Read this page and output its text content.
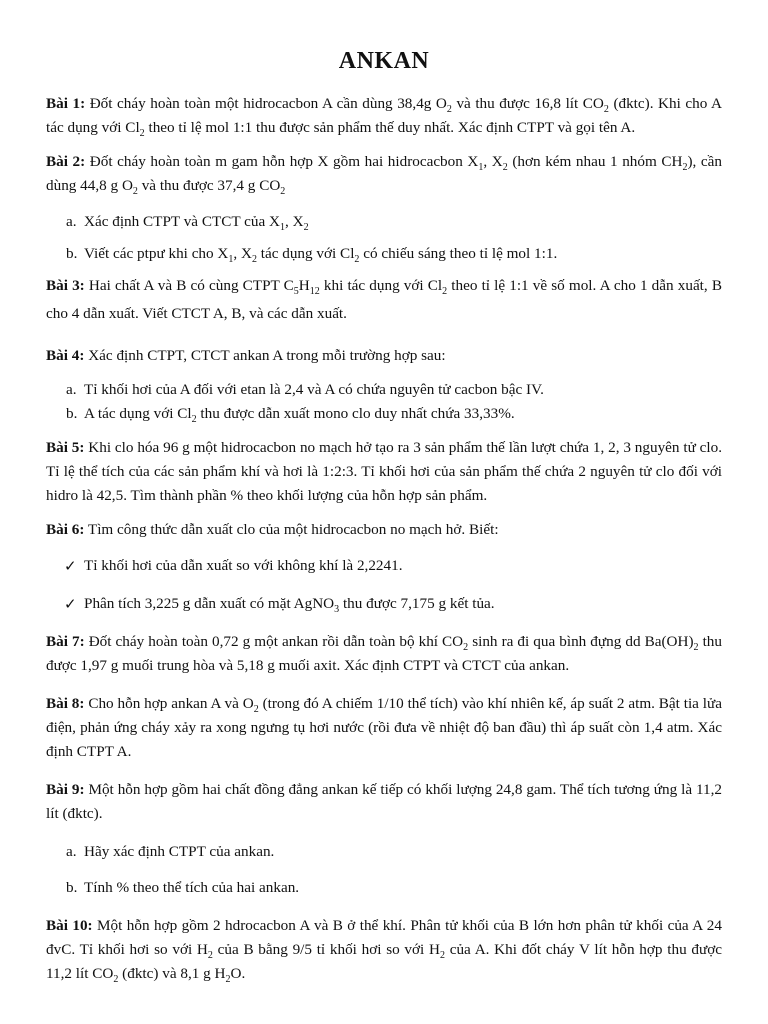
ANKAN

Bài 1: Đốt cháy hoàn toàn một hidrocacbon A cần dùng 38,4g $O_2$ và thu được 16,8 lít $CO_2$ (đktc). Khi cho A tác dụng với $Cl_2$ theo tỉ lệ mol 1:1 thu được sản phẩm thế duy nhất. Xác định CTPT và gọi tên A.

Bài 2: Đốt cháy hoàn toàn m gam hỗn hợp X gồm hai hidrocacbon $X_1$, $X_2$ (hơn kém nhau 1 nhóm $CH_2$), cần dùng 44,8 g $O_2$ và thu được 37,4 g $CO_2$

a. Xác định CTPT và CTCT của $X_1$, $X_2$

b. Viết các ptpư khi cho $X_1$, $X_2$ tác dụng với $Cl_2$ có chiếu sáng theo tỉ lệ mol 1:1.

Bài 3: Hai chất A và B có cùng CTPT $C_5H_{12}$ khi tác dụng với $Cl_2$ theo tỉ lệ 1:1 về số mol. A cho 1 dẫn xuất, B cho 4 dẫn xuất. Viết CTCT A, B, và các dẫn xuất.

Bài 4: Xác định CTPT, CTCT ankan A trong mỗi trường hợp sau:

a. Tỉ khối hơi của A đối với etan là 2,4 và A có chứa nguyên tử cacbon bậc IV.

b. A tác dụng với $Cl_2$ thu được dẫn xuất mono clo duy nhất chứa 33,33%.

Bài 5: Khi clo hóa 96 g một hidrocacbon no mạch hở tạo ra 3 sản phẩm thế lần lượt chứa 1, 2, 3 nguyên tử clo. Tỉ lệ thể tích của các sản phẩm khí và hơi là 1:2:3. Tỉ khối hơi của sản phẩm thế chứa 2 nguyên tử clo đối với hidro là 42,5. Tìm thành phần % theo khối lượng của hỗn hợp sản phẩm.

Bài 6: Tìm công thức dẫn xuất clo của một hidrocacbon no mạch hở. Biết:

✓ Tỉ khối hơi của dẫn xuất so với không khí là 2,2241.

✓ Phân tích 3,225 g dẫn xuất có mặt AgNO$_3$ thu được 7,175 g kết tủa.

Bài 7: Đốt cháy hoàn toàn 0,72 g một ankan rồi dẫn toàn bộ khí $CO_2$ sinh ra đi qua bình đựng dd $Ba(OH)_2$ thu được 1,97 g muối trung hòa và 5,18 g muối axit. Xác định CTPT và CTCT của ankan.

Bài 8: Cho hỗn hợp ankan A và $O_2$ (trong đó A chiếm 1/10 thể tích) vào khí nhiên kế, áp suất 2 atm. Bật tia lửa điện, phản ứng cháy xảy ra xong ngưng tụ hơi nước (rồi đưa về nhiệt độ ban đầu) thì áp suất còn 1,4 atm. Xác định CTPT A.

Bài 9: Một hỗn hợp gồm hai chất đồng đẳng ankan kế tiếp có khối lượng 24,8 gam. Thể tích tương ứng là 11,2 lít (đktc).

a. Hãy xác định CTPT của ankan.

b. Tính % theo thể tích của hai ankan.

Bài 10: Một hỗn hợp gồm 2 hdrocacbon A và B ở thể khí. Phân tử khối của B lớn hơn phân tử khối của A 24 đvC. Tỉ khối hơi so với $H_2$ của B bằng 9/5 tỉ khối hơi so với $H_2$ của A. Khi đốt cháy V lít hỗn hợp thu được 11,2 lít $CO_2$ (đktc) và 8,1 g $H_2O$.
